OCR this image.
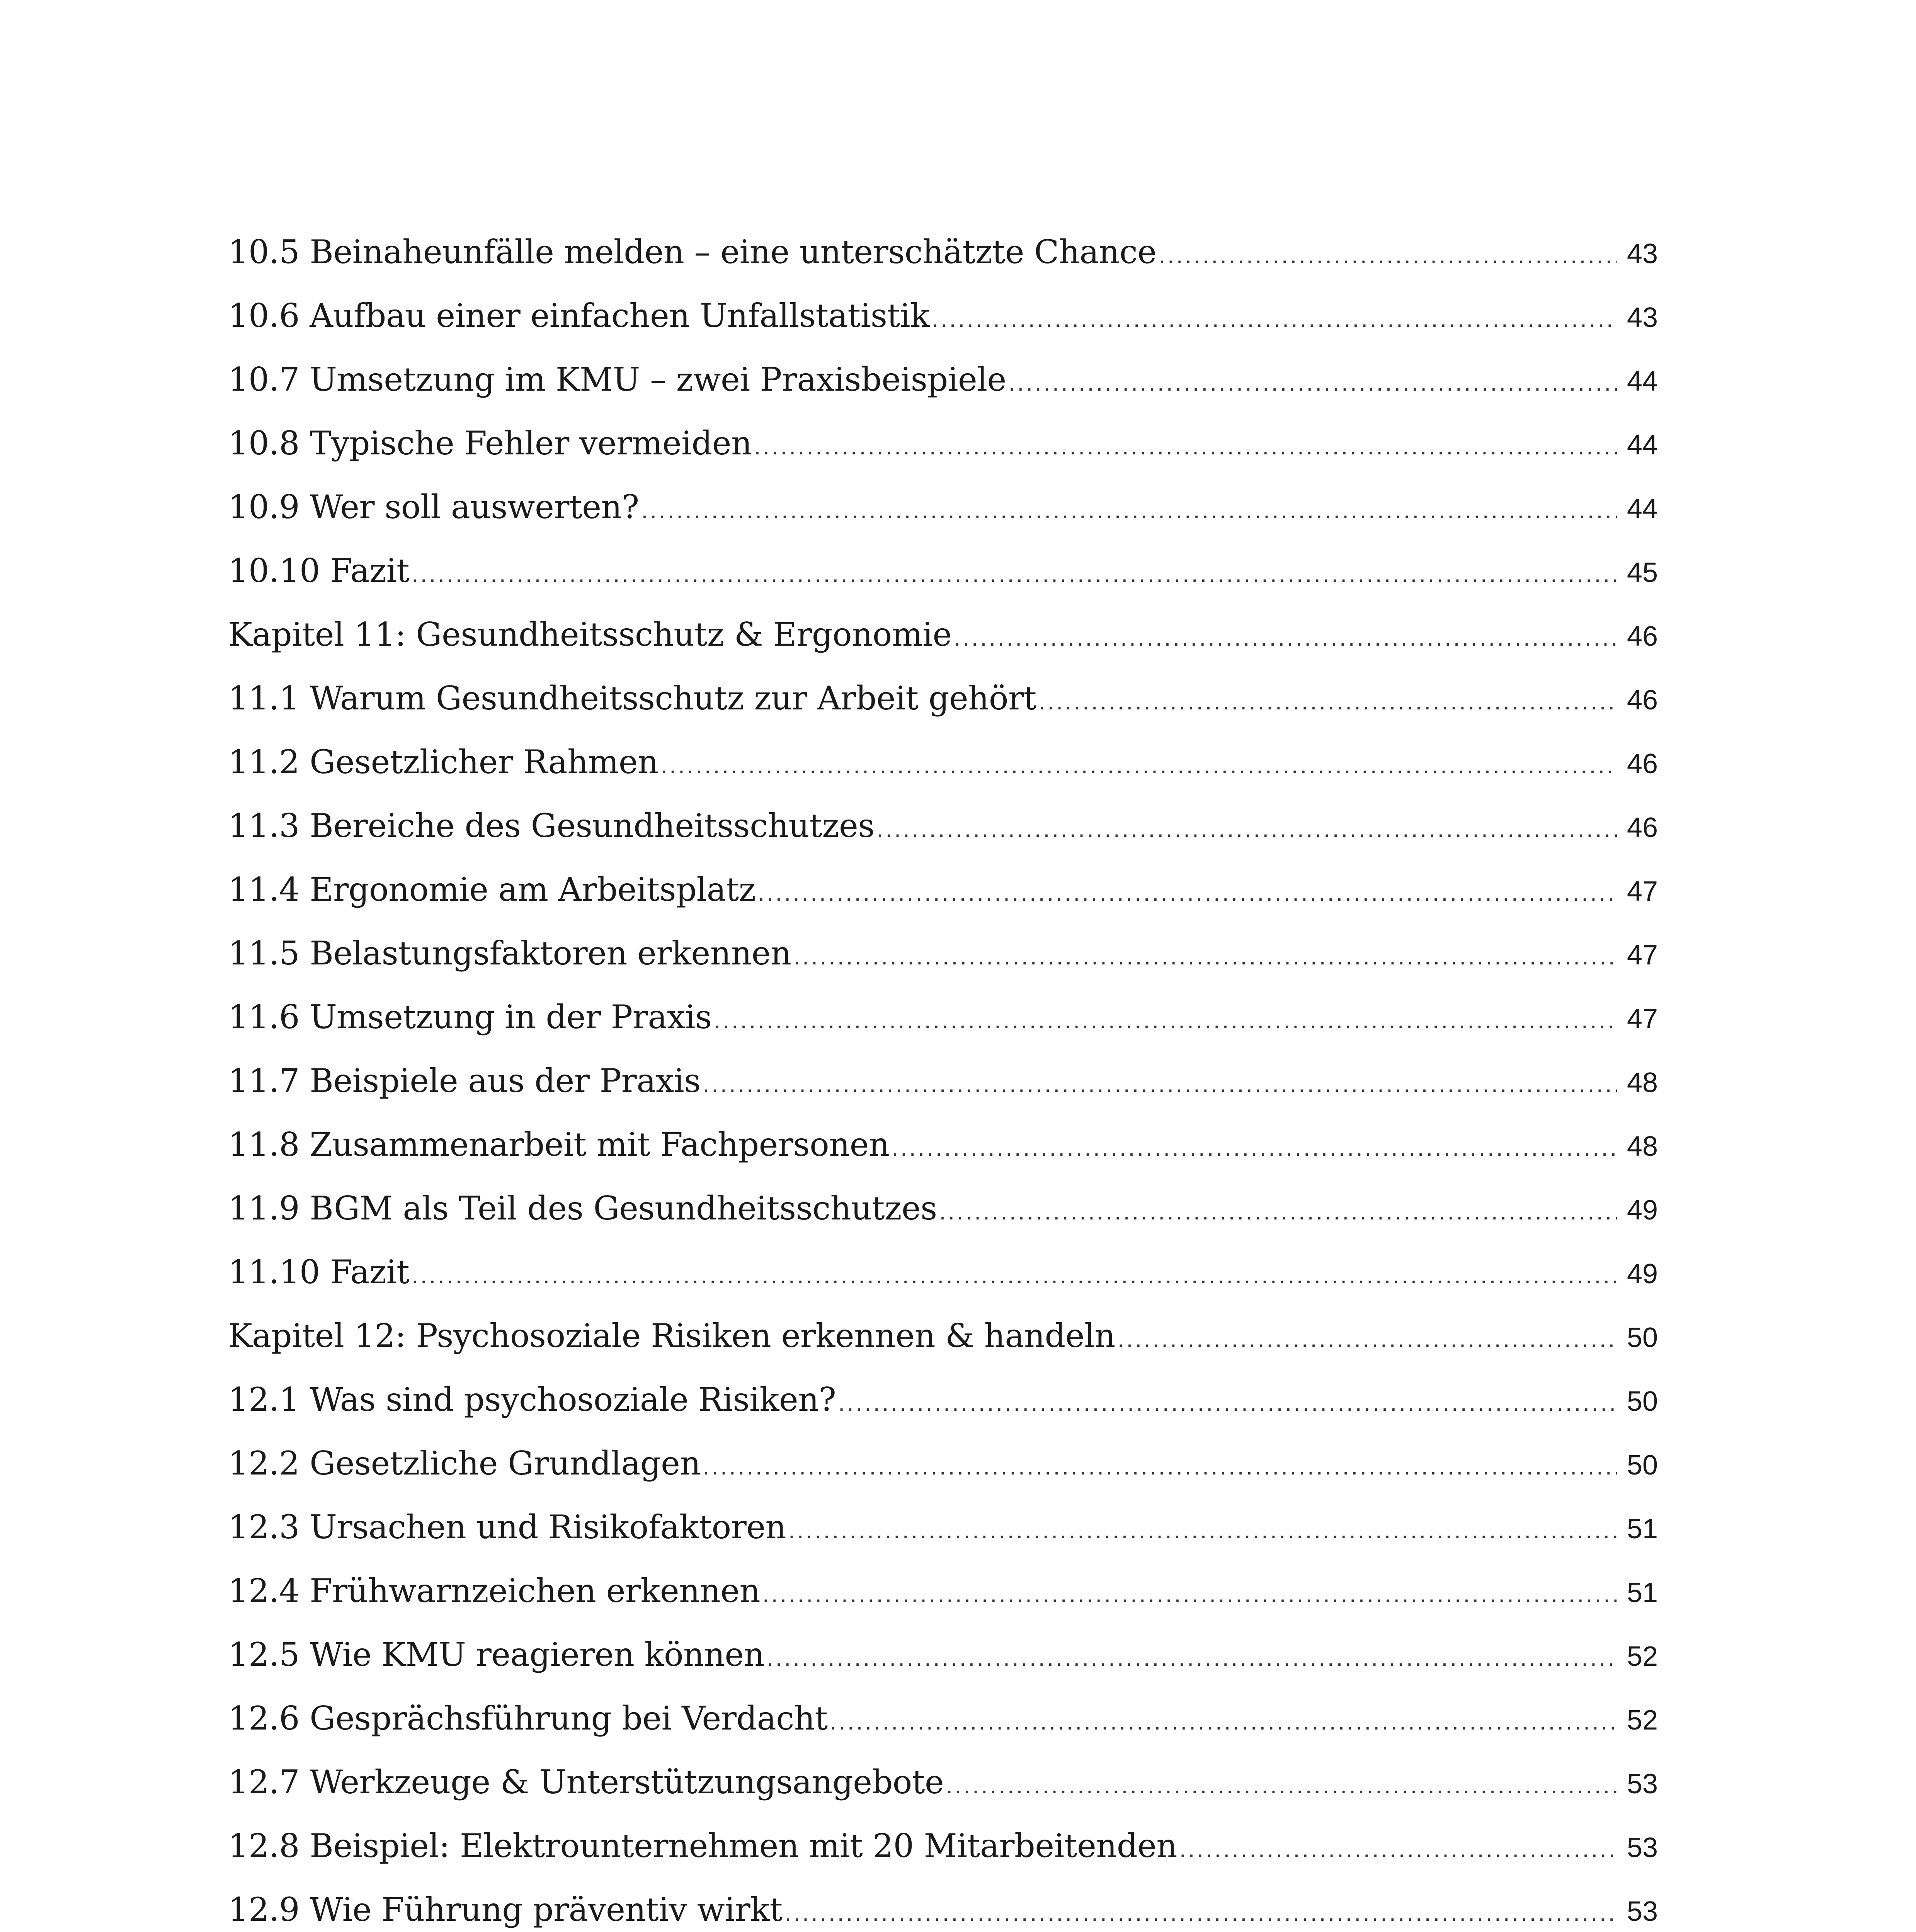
10.5 Beinaheunfälle melden – eine unterschätzte Chance .....	43
10.6 Aufbau einer einfachen Unfallstatistik .....	43
10.7 Umsetzung im KMU – zwei Praxisbeispiele .....	44
10.8 Typische Fehler vermeiden .....	44
10.9 Wer soll auswerten? .....	44
10.10 Fazit .....	45
Kapitel 11: Gesundheitsschutz & Ergonomie .....	46
11.1 Warum Gesundheitsschutz zur Arbeit gehört .....	46
11.2 Gesetzlicher Rahmen .....	46
11.3 Bereiche des Gesundheitsschutzes .....	46
11.4 Ergonomie am Arbeitsplatz .....	47
11.5 Belastungsfaktoren erkennen .....	47
11.6 Umsetzung in der Praxis .....	47
11.7 Beispiele aus der Praxis .....	48
11.8 Zusammenarbeit mit Fachpersonen .....	48
11.9 BGM als Teil des Gesundheitsschutzes .....	49
11.10 Fazit .....	49
Kapitel 12: Psychosoziale Risiken erkennen & handeln .....	50
12.1 Was sind psychosoziale Risiken? .....	50
12.2 Gesetzliche Grundlagen .....	50
12.3 Ursachen und Risikofaktoren .....	51
12.4 Frühwarnzeichen erkennen .....	51
12.5 Wie KMU reagieren können .....	52
12.6 Gesprächsführung bei Verdacht .....	52
12.7 Werkzeuge & Unterstützungsangebote .....	53
12.8 Beispiel: Elektrounternehmen mit 20 Mitarbeitenden .....	53
12.9 Wie Führung präventiv wirkt .....	53
